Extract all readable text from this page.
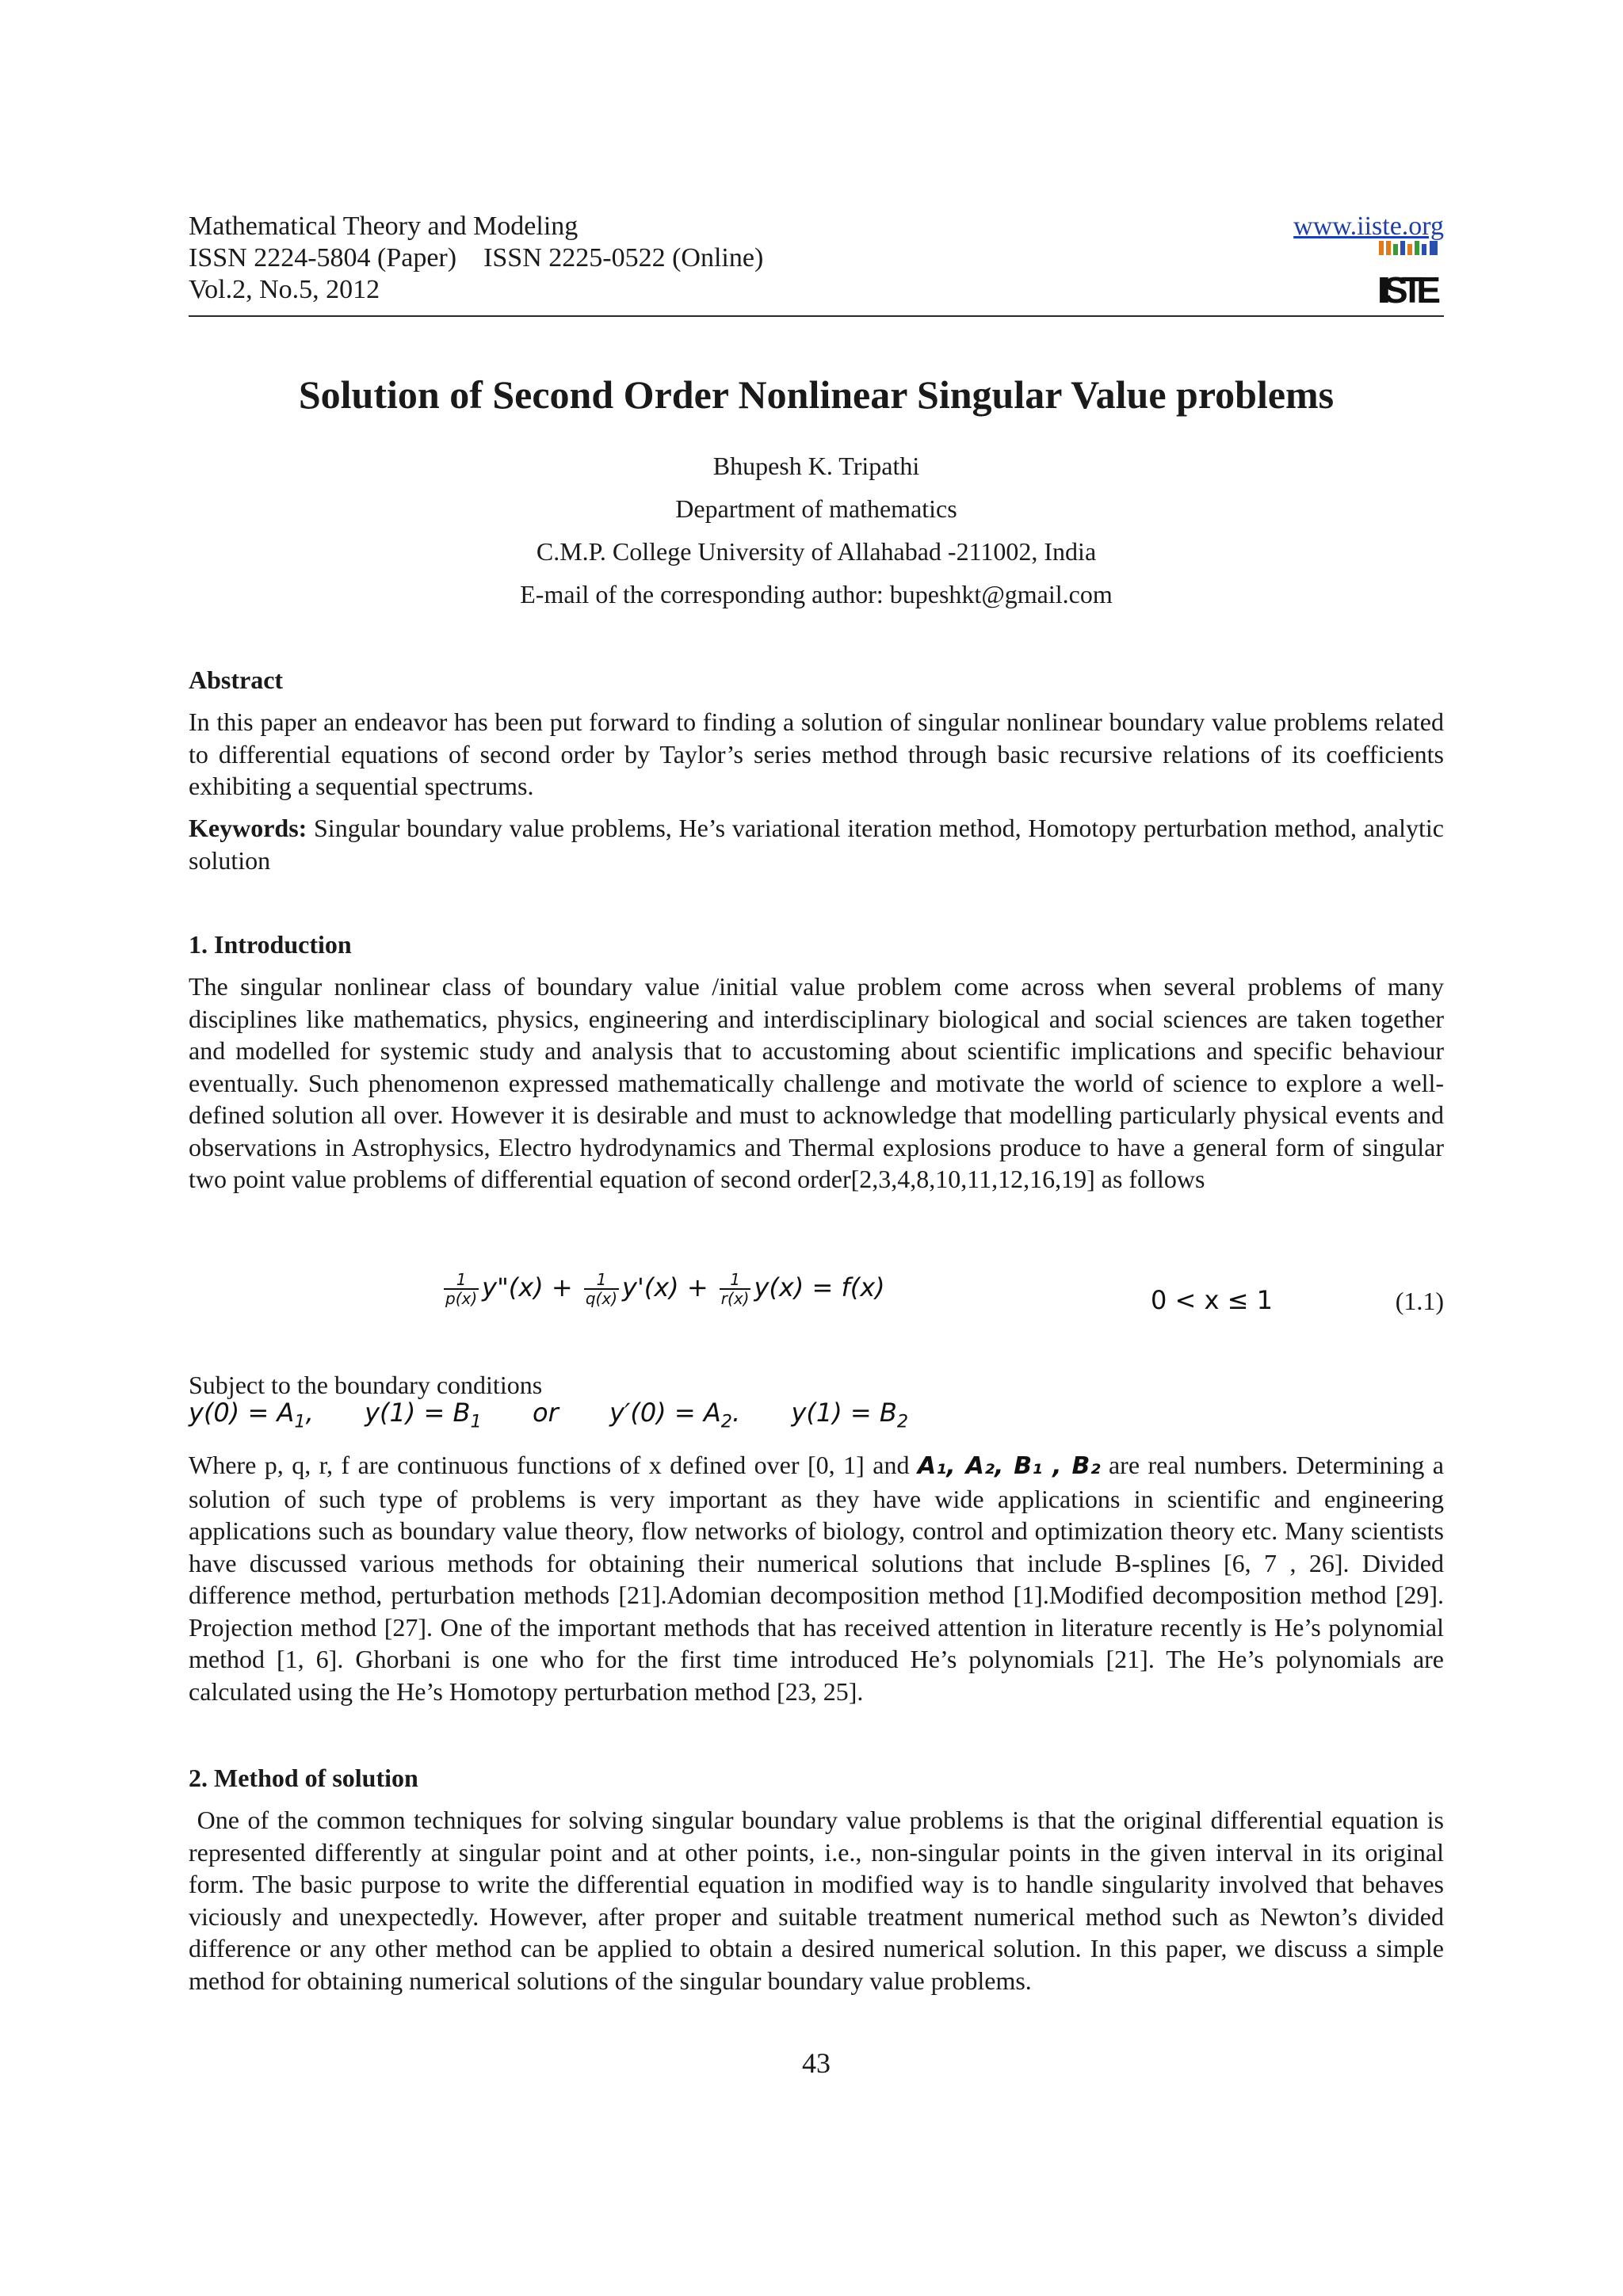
Mathematical Theory and Modeling
ISSN 2224-5804 (Paper)    ISSN 2225-0522 (Online)
Vol.2, No.5, 2012
www.iiste.org
IISTE
Solution of Second Order Nonlinear Singular Value problems
Bhupesh K. Tripathi
Department of mathematics
C.M.P. College University of Allahabad -211002, India
E-mail of the corresponding author: bupeshkt@gmail.com
Abstract

In this paper an endeavor has been put forward to finding a solution of singular nonlinear boundary value problems related to differential equations of second order by Taylor’s series method through basic recursive relations of its coefficients exhibiting a sequential spectrums.

Keywords: Singular boundary value problems, He’s variational iteration method, Homotopy perturbation method, analytic solution

1. Introduction

The singular nonlinear class of boundary value /initial value problem come across when several problems of many disciplines like mathematics, physics, engineering and interdisciplinary biological and social sciences are taken together and modelled for systemic study and analysis that to accustoming about scientific implications and specific behaviour eventually. Such phenomenon expressed mathematically challenge and motivate the world of science to explore a well-defined solution all over. However it is desirable and must to acknowledge that modelling particularly physical events and observations in Astrophysics, Electro hydrodynamics and Thermal explosions produce to have a general form of singular two point value problems of differential equation of second order[2,3,4,8,10,11,12,16,19] as follows

$\frac{1}{p(x)}$ y"(x) + $\frac{1}{q(x)} y'(x) + \frac{1}{r(x)} y(x) = f(x)$	0 < x ≤ 1	(1.1)
Subject to the boundary conditions
$y(0) = A_1$, $y(1) = B_1$ or $y'(0) = A_2$. $y(1) = B_2$

Where p, q, r, f are continuous functions of x defined over [0, 1] and A₁, A₂, B₁ , B₂ are real numbers. Determining a solution of such type of problems is very important as they have wide applications in scientific and engineering applications such as boundary value theory, flow networks of biology, control and optimization theory etc. Many scientists have discussed various methods for obtaining their numerical solutions that include B-splines [6, 7 , 26]. Divided difference method, perturbation methods [21].Adomian decomposition method [1].Modified decomposition method [29]. Projection method [27]. One of the important methods that has received attention in literature recently is He’s polynomial method [1, 6]. Ghorbani is one who for the first time introduced He’s polynomials [21]. The He’s polynomials are calculated using the He’s Homotopy perturbation method [23, 25].

2. Method of solution

One of the common techniques for solving singular boundary value problems is that the original differential equation is represented differently at singular point and at other points, i.e., non-singular points in the given interval in its original form. The basic purpose to write the differential equation in modified way is to handle singularity involved that behaves viciously and unexpectedly. However, after proper and suitable treatment numerical method such as Newton’s divided difference or any other method can be applied to obtain a desired numerical solution. In this paper, we discuss a simple method for obtaining numerical solutions of the singular boundary value problems.

43
